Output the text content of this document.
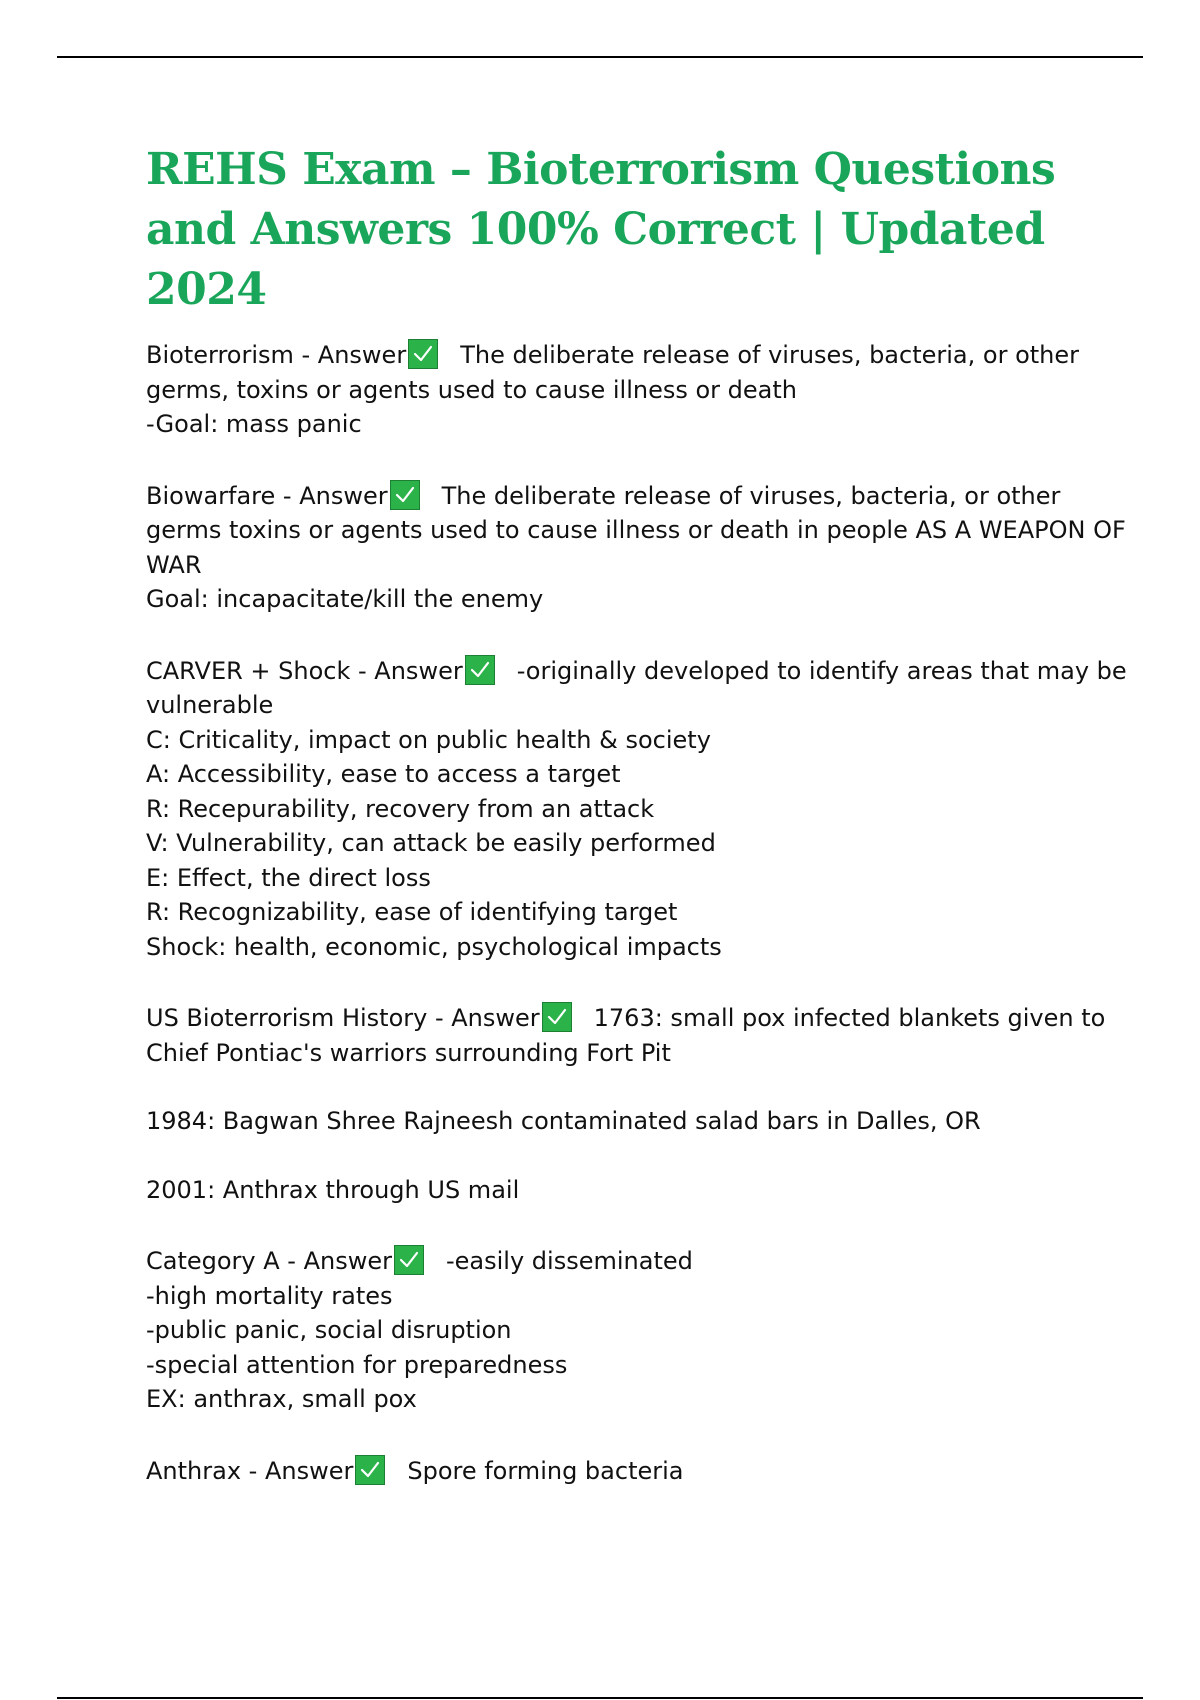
REHS Exam – Bioterrorism Questions and Answers 100% Correct | Updated 2024
Bioterrorism - Answer The deliberate release of viruses, bacteria, or other
germs, toxins or agents used to cause illness or death
-Goal: mass panic
Biowarfare - Answer The deliberate release of viruses, bacteria, or other
germs toxins or agents used to cause illness or death in people AS A WEAPON OF
WAR
Goal: incapacitate/kill the enemy
CARVER + Shock - Answer -originally developed to identify areas that may be
vulnerable
C: Criticality, impact on public health & society
A: Accessibility, ease to access a target
R: Recepurability, recovery from an attack
V: Vulnerability, can attack be easily performed
E: Effect, the direct loss
R: Recognizability, ease of identifying target
Shock: health, economic, psychological impacts
US Bioterrorism History - Answer 1763: small pox infected blankets given to
Chief Pontiac's warriors surrounding Fort Pit
1984: Bagwan Shree Rajneesh contaminated salad bars in Dalles, OR
2001: Anthrax through US mail
Category A - Answer -easily disseminated
-high mortality rates
-public panic, social disruption
-special attention for preparedness
EX: anthrax, small pox
Anthrax - Answer Spore forming bacteria
